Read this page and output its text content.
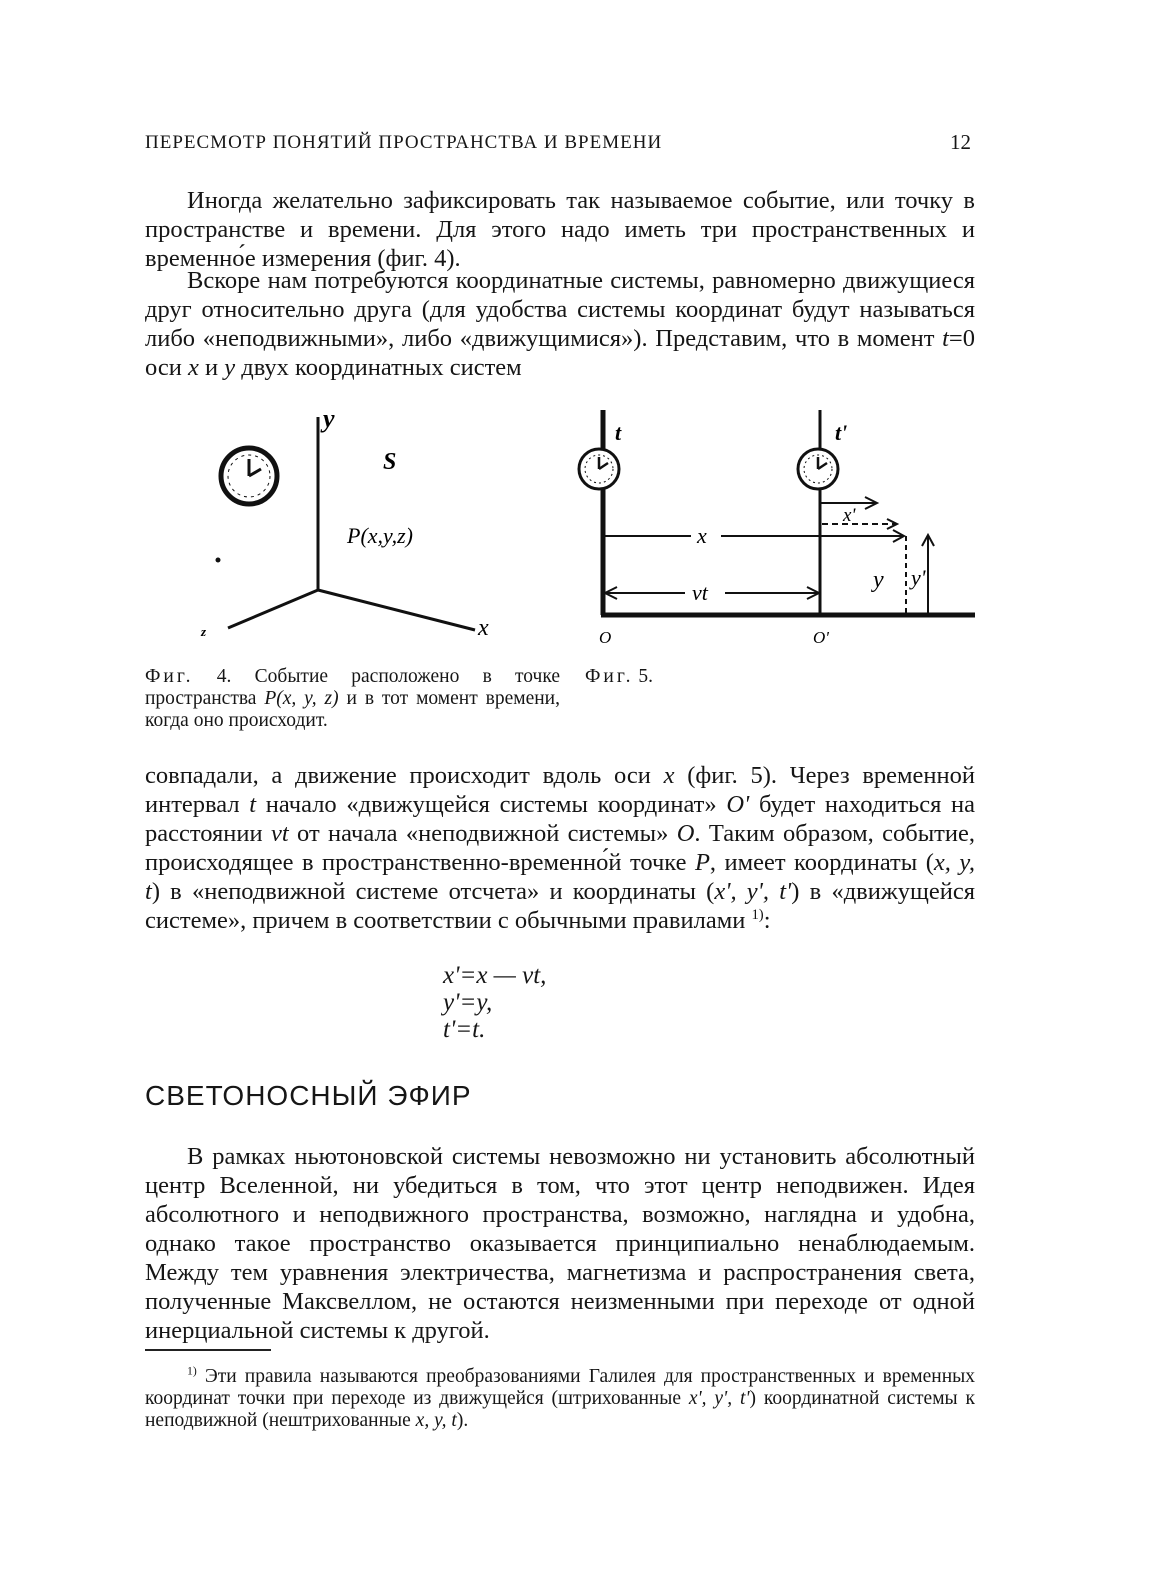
ПЕРЕСМОТР ПОНЯТИЙ ПРОСТРАНСТВА И ВРЕМЕНИ	12

Иногда желательно зафиксировать так называемое событие, или точку в пространстве и времени. Для этого надо иметь три пространственных и временно́е измерения (фиг. 4).

Вскоре нам потребуются координатные системы, равномерно движущиеся друг относительно друга (для удобства системы координат будут называться либо «неподвижными», либо «движущимися»). Представим, что в момент t=0 оси x и y двух координатных систем

y
S
P(x,y,z)
x
z
t	t'
x'
x
y y'
vt
O	O'

Фиг. 4. Событие расположено в точке пространства P(x, y, z) и в тот момент времени, когда оно происходит.

Фиг. 5.

совпадали, а движение происходит вдоль оси x (фиг. 5). Через временной интервал t начало «движущейся системы координат» O' будет находиться на расстоянии vt от начала «неподвижной системы» O. Таким образом, событие, происходящее в пространственно-временно́й точке P, имеет координаты (x, y, t) в «неподвижной системе отсчета» и координаты (x', y', t') в «движущейся системе», причем в соответствии с обычными правилами $^{1)}$:

x'=x — vt,
y'=y,
t'=t.
СВЕТОНОСНЫЙ ЭФИР

В рамках ньютоновской системы невозможно ни установить абсолютный центр Вселенной, ни убедиться в том, что этот центр неподвижен. Идея абсолютного и неподвижного пространства, возможно, наглядна и удобна, однако такое пространство оказывается принципиально ненаблюдаемым. Между тем уравнения электричества, магнетизма и распространения света, полученные Максвеллом, не остаются неизменными при переходе от одной инерциальной системы к другой.

$^{1)}$ Эти правила называются преобразованиями Галилея для пространственных и временных координат точки при переходе из движущейся (штрихованные x', y', t') координатной системы к неподвижной (нештрихованные x, y, t).
